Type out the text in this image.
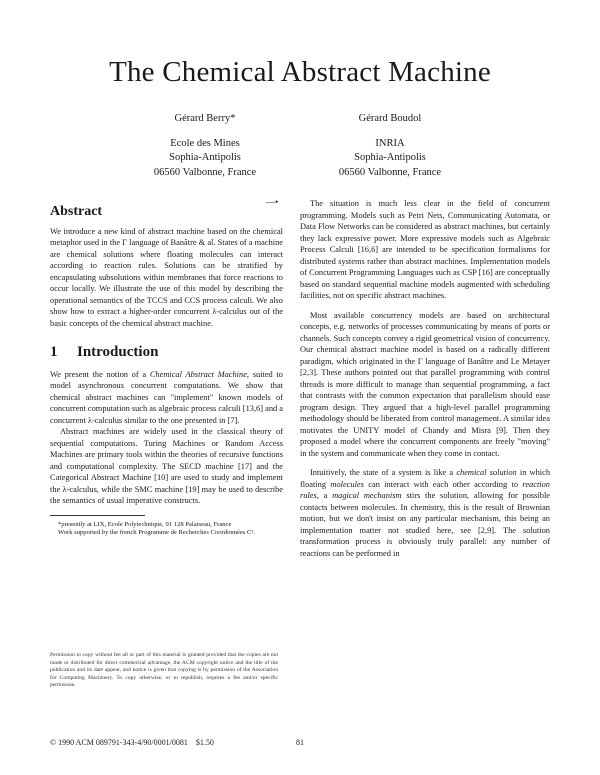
The Chemical Abstract Machine
Gérard Berry*
Ecole des Mines
Sophia-Antipolis
06560 Valbonne, France
Gérard Boudol
INRIA
Sophia-Antipolis
06560 Valbonne, France
—•
Abstract

We introduce a new kind of abstract machine based on the chemical metaphor used in the Γ language of Banâtre & al. States of a machine are chemical solutions where floating molecules can interact according to reaction rules. Solutions can be stratified by encapsulating subsolutions within membranes that force reactions to occur locally. We illustrate the use of this model by describing the operational semantics of the TCCS and CCS process calculi. We also show how to extract a higher-order concurrent λ-calculus out of the basic concepts of the chemical abstract machine.

1 Introduction

We present the notion of a Chemical Abstract Machine, suited to model asynchronous concurrent computations. We show that chemical abstract machines can "implement" known models of concurrent computation such as algebraic process calculi [13,6] and a concurrent λ-calculus similar to the one presented in [7].

Abstract machines are widely used in the classical theory of sequential computations. Turing Machines or Random Access Machines are primary tools within the theories of recursive functions and computational complexity. The SECD machine [17] and the Categorical Abstract Machine [10] are used to study and implement the λ-calculus, while the SMC machine [19] may be used to describe the semantics of usual imperative constructs.

*presently at LIX, Ecole Polytechnique, 91 128 Palaiseau, France

Work supported by the french Programme de Recherches Coordonnées C³.

Permission to copy without fee all or part of this material is granted provided that the copies are not made or distributed for direct commercial advantage, the ACM copyright notice and the title of the publication and its date appear, and notice is given that copying is by permission of the Association for Computing Machinery. To copy otherwise, or to republish, requires a fee and/or specific permission.
© 1990 ACM 089791-343-4/90/0001/0081    $1.50	81

The situation is much less clear in the field of concurrent programming. Models such as Petri Nets, Communicating Automata, or Data Flow Networks can be considered as abstract machines, but certainly they lack expressive power. More expressive models such as Algebraic Process Calculi [16,6] are intended to be specification formalisms for distributed systems rather than abstract machines. Implementation models of Concurrent Programming Languages such as CSP [16] are conceptually based on standard sequential machine models augmented with scheduling facilities, not on specific abstract machines.

Most available concurrency models are based on architectural concepts, e.g. networks of processes communicating by means of ports or channels. Such concepts convey a rigid geometrical vision of concurrency. Our chemical abstract machine model is based on a radically different paradigm, which originated in the Γ language of Banâtre and Le Metayer [2,3]. These authors pointed out that parallel programming with control threads is more difficult to manage than sequential programming, a fact that contrasts with the common expectation that parallelism should ease program design. They argued that a high-level parallel programming methodology should be liberated from control management. A similar idea motivates the UNITY model of Chandy and Misra [9]. Then they proposed a model where the concurrent components are freely "moving" in the system and communicate when they come in contact.

Intuitively, the state of a system is like a chemical solution in which floating molecules can interact with each other according to reaction rules, a magical mechanism stirs the solution, allowing for possible contacts between molecules. In chemistry, this is the result of Brownian motion, but we don't insist on any particular mechanism, this being an implementation matter not studied here, see [2,9]. The solution transformation process is obviously truly parallel: any number of reactions can be performed in
